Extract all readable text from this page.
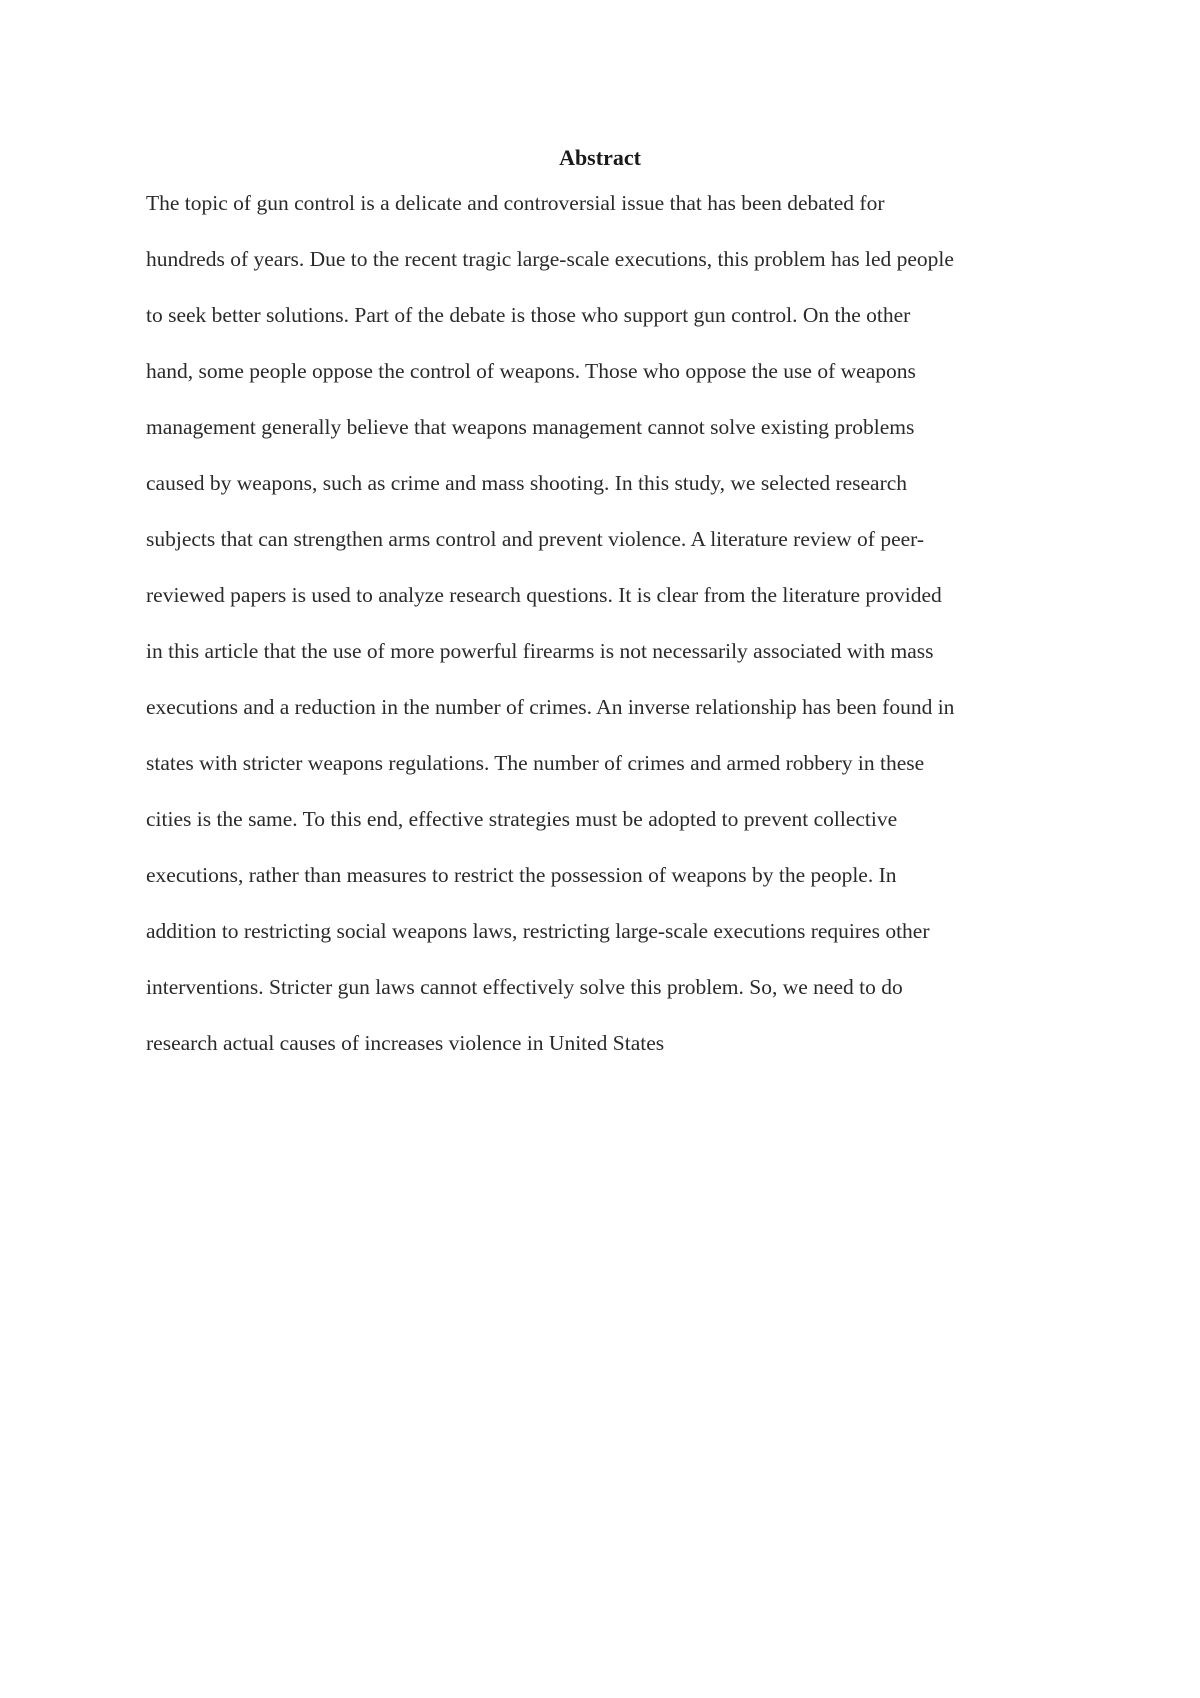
Abstract
The topic of gun control is a delicate and controversial issue that has been debated for
hundreds of years. Due to the recent tragic large-scale executions, this problem has led people
to seek better solutions. Part of the debate is those who support gun control. On the other
hand, some people oppose the control of weapons. Those who oppose the use of weapons
management generally believe that weapons management cannot solve existing problems
caused by weapons, such as crime and mass shooting. In this study, we selected research
subjects that can strengthen arms control and prevent violence. A literature review of peer-
reviewed papers is used to analyze research questions. It is clear from the literature provided
in this article that the use of more powerful firearms is not necessarily associated with mass
executions and a reduction in the number of crimes. An inverse relationship has been found in
states with stricter weapons regulations. The number of crimes and armed robbery in these
cities is the same. To this end, effective strategies must be adopted to prevent collective
executions, rather than measures to restrict the possession of weapons by the people. In
addition to restricting social weapons laws, restricting large-scale executions requires other
interventions. Stricter gun laws cannot effectively solve this problem. So, we need to do
research actual causes of increases violence in United States
